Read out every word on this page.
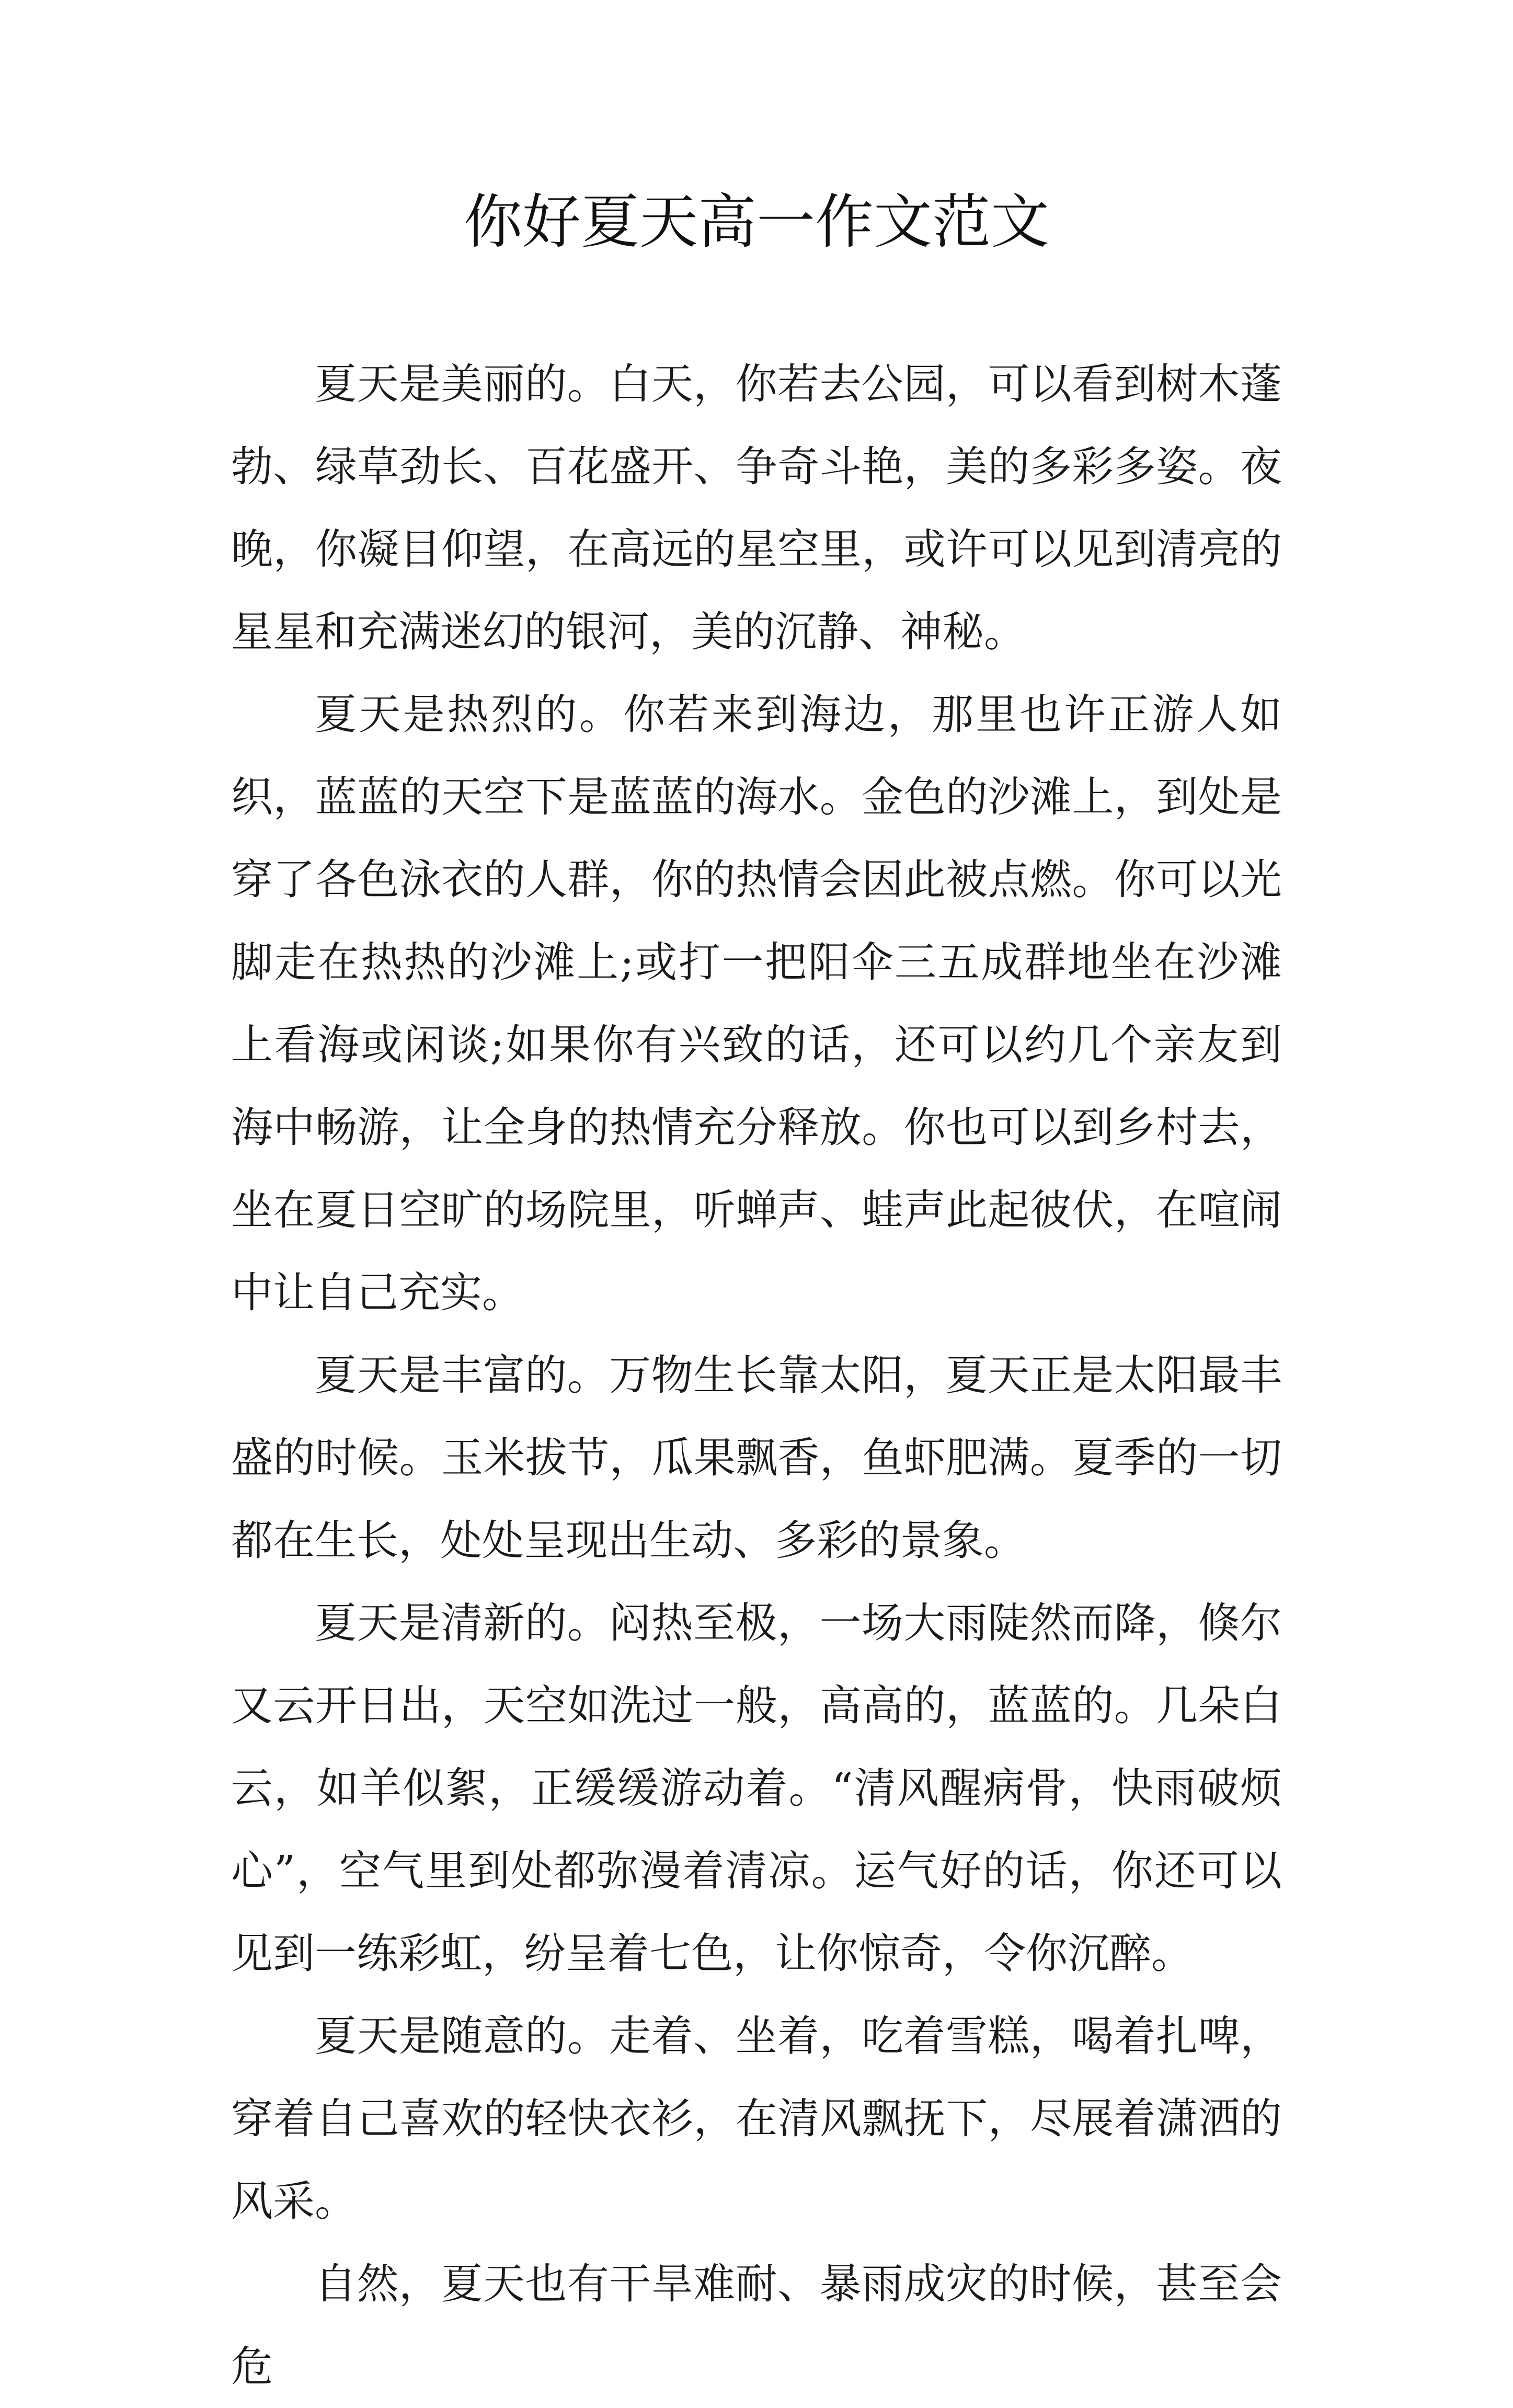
你好夏天高一作文范文

夏天是美丽的。白天，你若去公园，可以看到树木蓬勃、绿草劲长、百花盛开、争奇斗艳，美的多彩多姿。夜晚，你凝目仰望，在高远的星空里，或许可以见到清亮的星星和充满迷幻的银河，美的沉静、神秘。

夏天是热烈的。你若来到海边，那里也许正游人如织，蓝蓝的天空下是蓝蓝的海水。金色的沙滩上，到处是穿了各色泳衣的人群，你的热情会因此被点燃。你可以光脚走在热热的沙滩上;或打一把阳伞三五成群地坐在沙滩上看海或闲谈;如果你有兴致的话，还可以约几个亲友到海中畅游，让全身的热情充分释放。你也可以到乡村去，坐在夏日空旷的场院里，听蝉声、蛙声此起彼伏，在喧闹中让自己充实。

夏天是丰富的。万物生长靠太阳，夏天正是太阳最丰盛的时候。玉米拔节，瓜果飘香，鱼虾肥满。夏季的一切都在生长，处处呈现出生动、多彩的景象。

夏天是清新的。闷热至极，一场大雨陡然而降，倏尔又云开日出，天空如洗过一般，高高的，蓝蓝的。几朵白云，如羊似絮，正缓缓游动着。“清风醒病骨，快雨破烦心”，空气里到处都弥漫着清凉。运气好的话，你还可以见到一练彩虹，纷呈着七色，让你惊奇，令你沉醉。

夏天是随意的。走着、坐着，吃着雪糕，喝着扎啤，穿着自己喜欢的轻快衣衫，在清风飘抚下，尽展着潇洒的风采。

自然，夏天也有干旱难耐、暴雨成灾的时候，甚至会危
